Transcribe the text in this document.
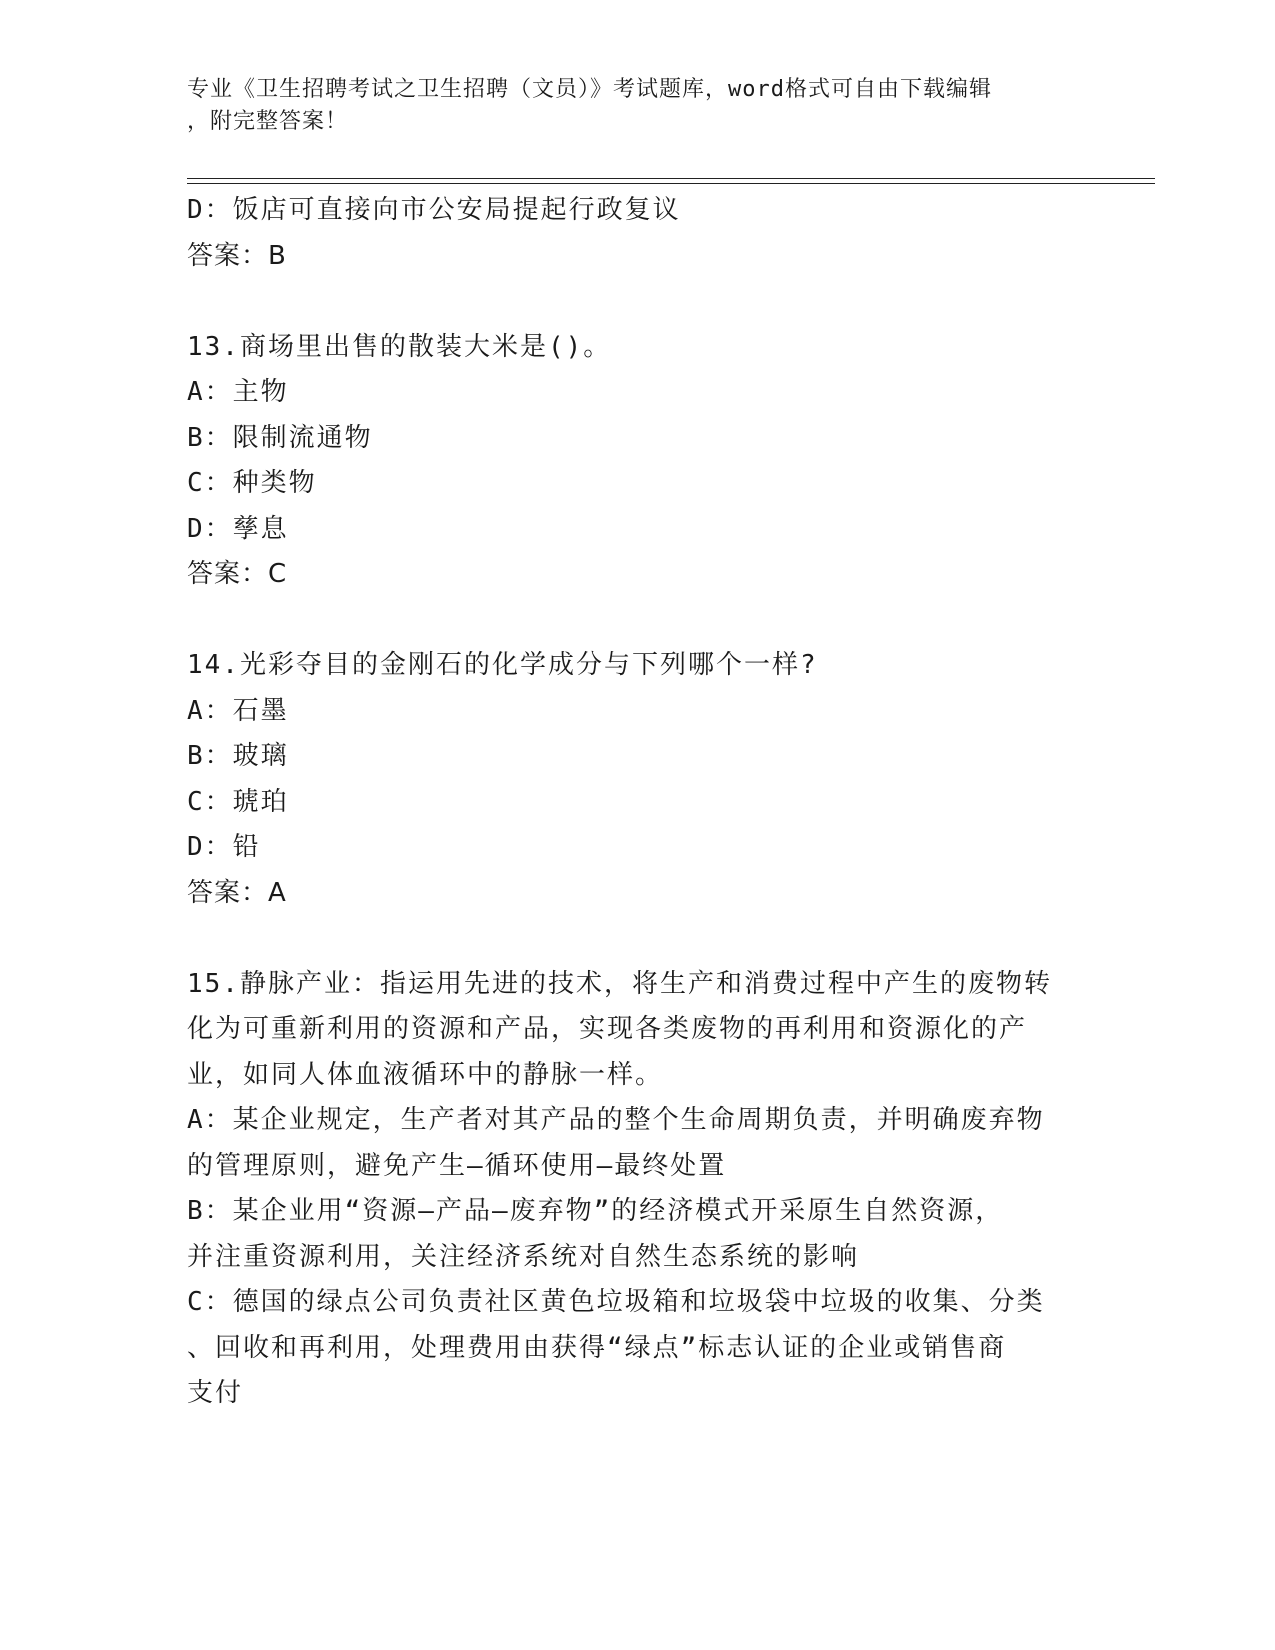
专业《卫生招聘考试之卫生招聘（文员）》考试题库，word格式可自由下载编辑
，附完整答案！
D：饭店可直接向市公安局提起行政复议
答案：B
13.商场里出售的散装大米是()。
A：主物
B：限制流通物
C：种类物
D：孳息
答案：C
14.光彩夺目的金刚石的化学成分与下列哪个一样?
A：石墨
B：玻璃
C：琥珀
D：铅
答案：A
15.静脉产业：指运用先进的技术，将生产和消费过程中产生的废物转
化为可重新利用的资源和产品，实现各类废物的再利用和资源化的产
业，如同人体血液循环中的静脉一样。
A：某企业规定，生产者对其产品的整个生命周期负责，并明确废弃物
的管理原则，避免产生—循环使用—最终处置
B：某企业用“资源—产品—废弃物”的经济模式开采原生自然资源，
并注重资源利用，关注经济系统对自然生态系统的影响
C：德国的绿点公司负责社区黄色垃圾箱和垃圾袋中垃圾的收集、分类
、回收和再利用，处理费用由获得“绿点”标志认证的企业或销售商
支付
